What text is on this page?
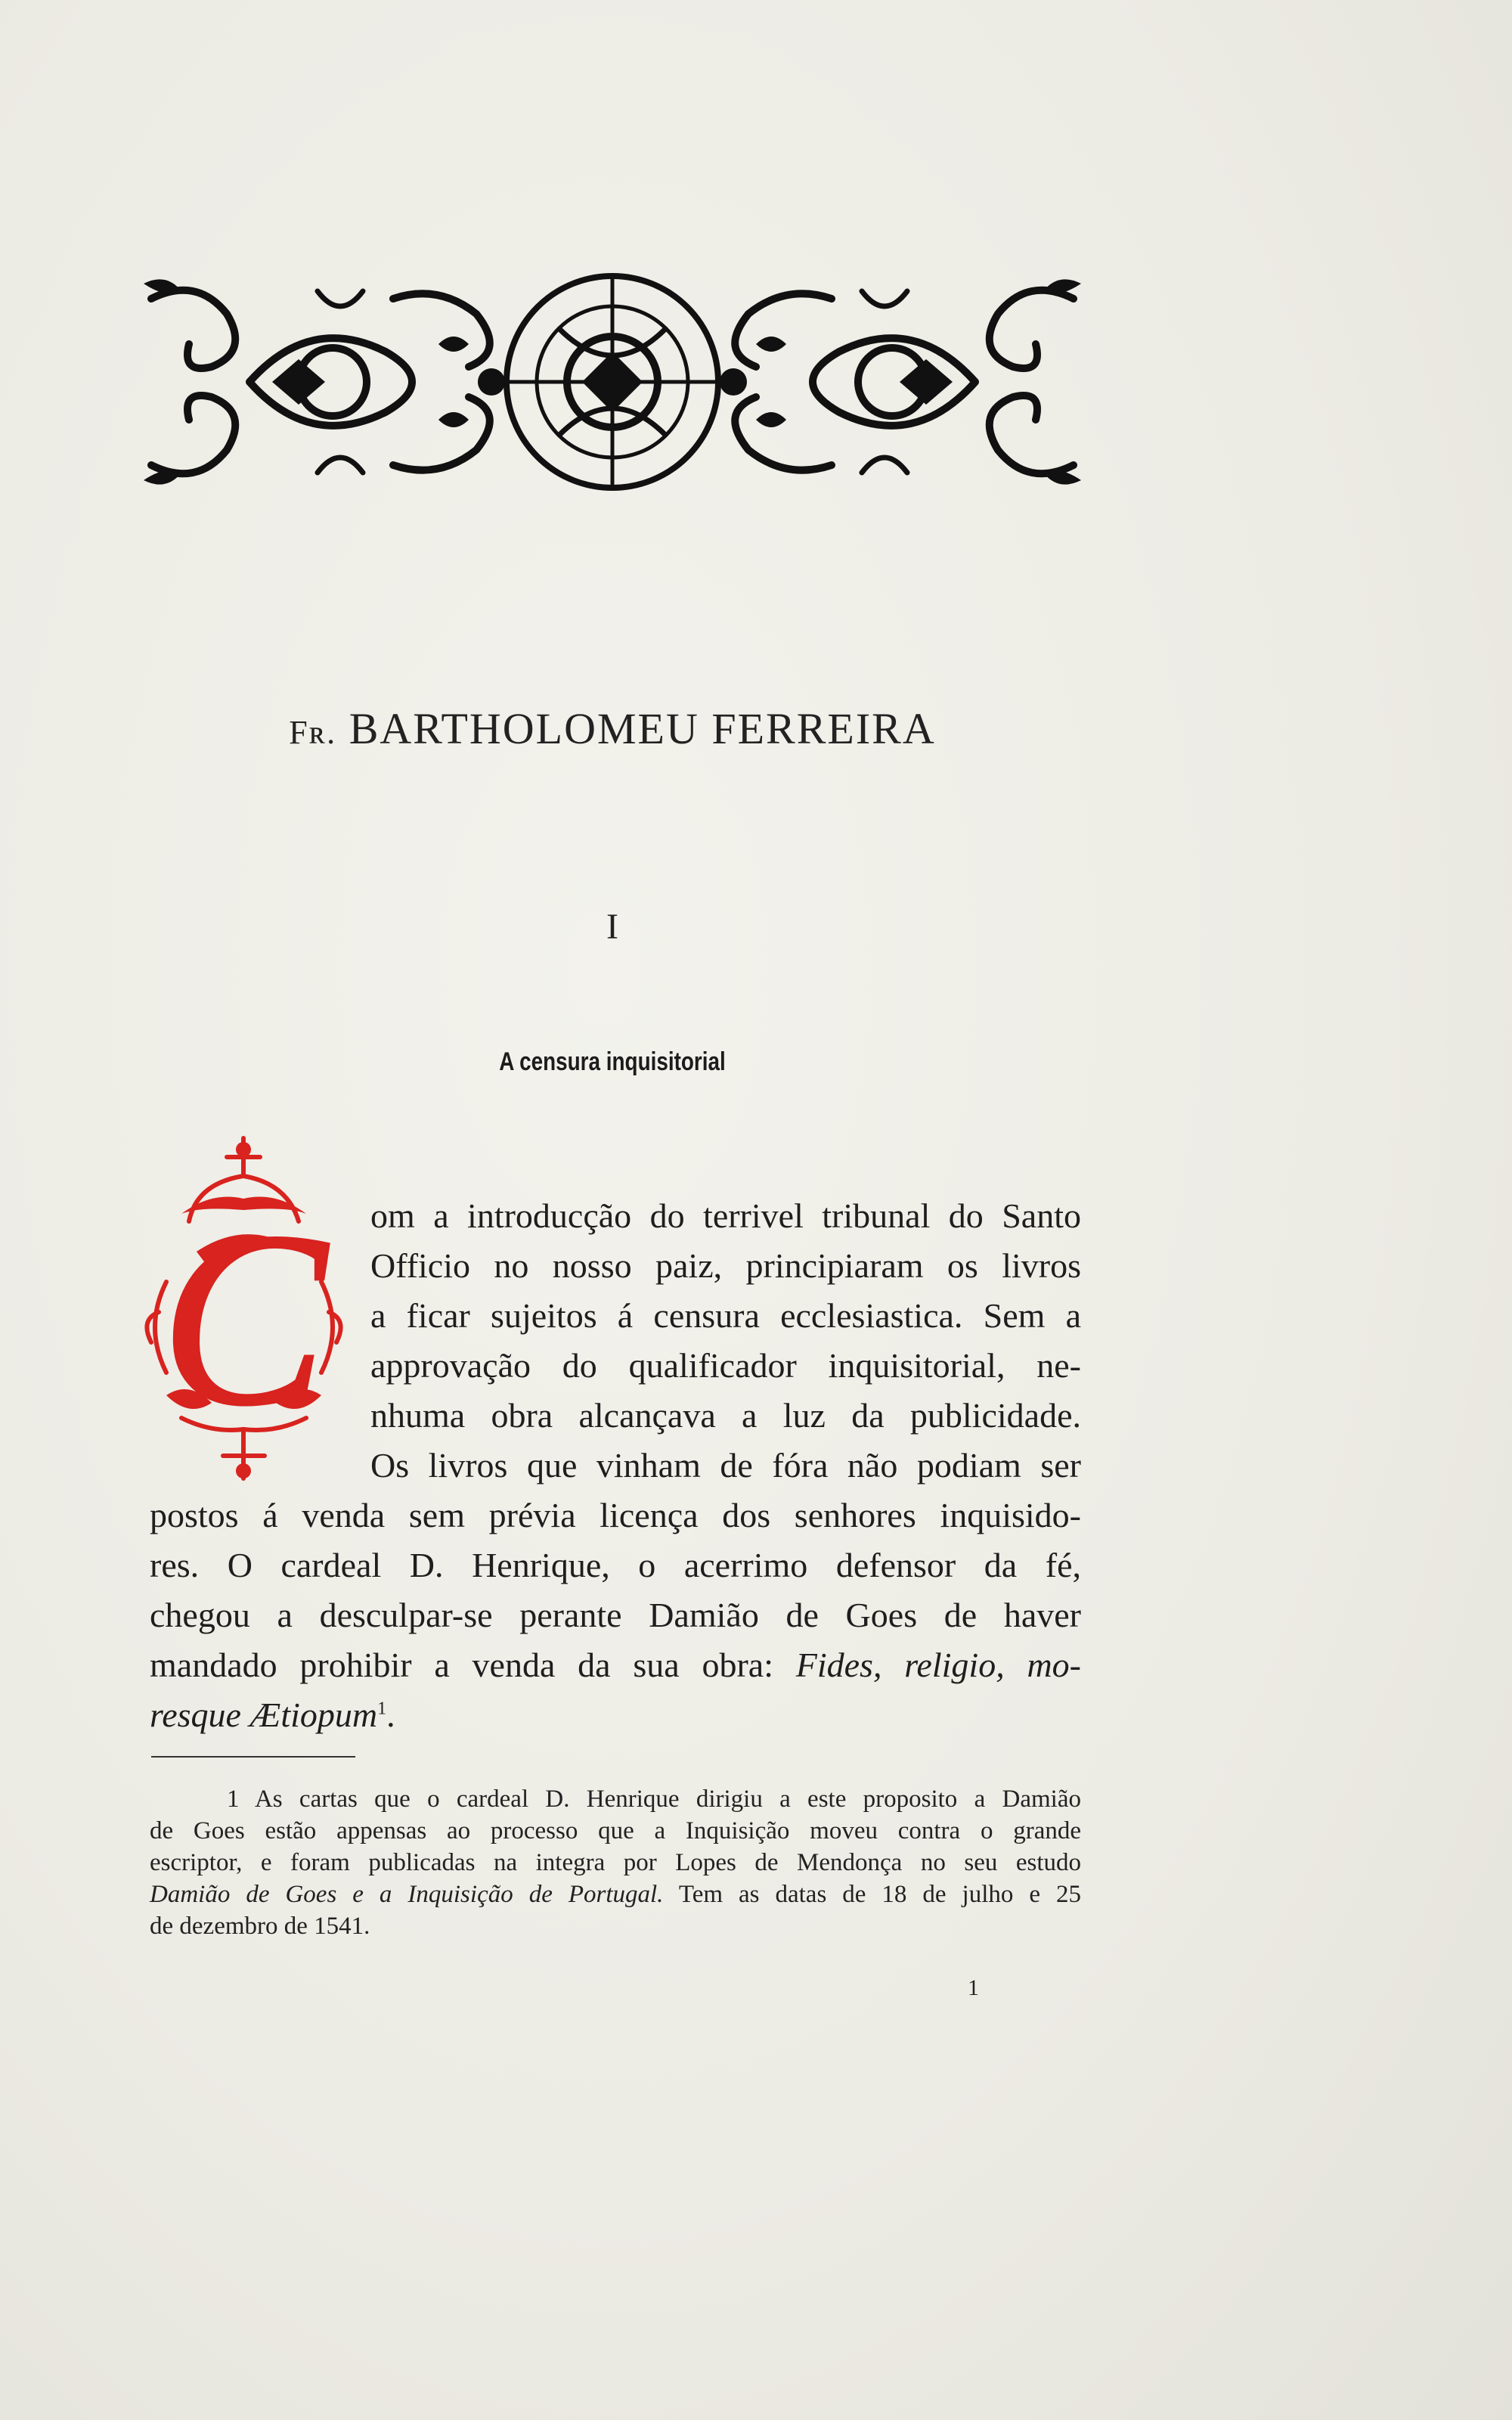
Fʀ. BARTHOLOMEU FERREIRA
I
A censura inquisitorial
C om a introducção do terrivel tribunal do Santo
Officio no nosso paiz, principiaram os livros
a ficar sujeitos á censura ecclesiastica. Sem a
approvação do qualificador inquisitorial, ne-
nhuma obra alcançava a luz da publicidade.
Os livros que vinham de fóra não podiam ser
postos á venda sem prévia licença dos senhores inquisido-
res. O cardeal D. Henrique, o acerrimo defensor da fé,
chegou a desculpar-se perante Damião de Goes de haver
mandado prohibir a venda da sua obra: Fides, religio, mo-
resque Ætiopum$^1$.
1 As cartas que o cardeal D. Henrique dirigiu a este proposito a Damião
de Goes estão appensas ao processo que a Inquisição moveu contra o grande
escriptor, e foram publicadas na integra por Lopes de Mendonça no seu estudo
Damião de Goes e a Inquisição de Portugal. Tem as datas de 18 de julho e 25
de dezembro de 1541.
1
